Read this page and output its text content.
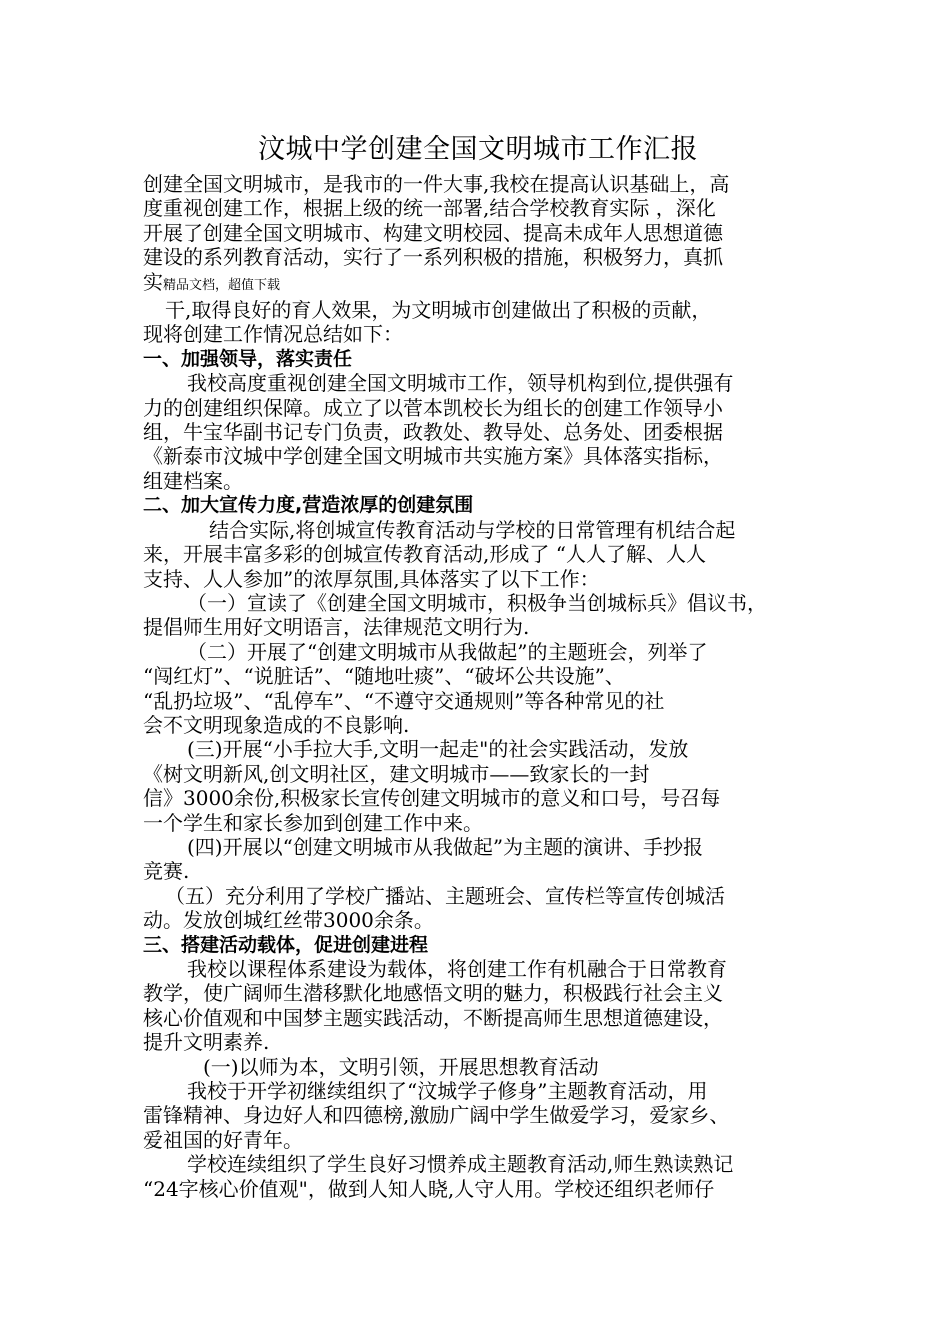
汶城中学创建全国文明城市工作汇报
创建全国文明城市，是我市的一件大事,我校在提高认识基础上，高
度重视创建工作，根据上级的统一部署,结合学校教育实际 ，深化
开展了创建全国文明城市、构建文明校园、提高未成年人思想道德
建设的系列教育活动，实行了一系列积极的措施，积极努力，真抓
实精品文档，超值下载
干,取得良好的育人效果，为文明城市创建做出了积极的贡献，
现将创建工作情况总结如下：
一、加强领导，落实责任
我校高度重视创建全国文明城市工作，领导机构到位,提供强有
力的创建组织保障。成立了以菅本凯校长为组长的创建工作领导小
组，牛宝华副书记专门负责，政教处、教导处、总务处、团委根据
《新泰市汶城中学创建全国文明城市共实施方案》具体落实指标，
组建档案。
二、加大宣传力度,营造浓厚的创建氛围
结合实际,将创城宣传教育活动与学校的日常管理有机结合起
来，开展丰富多彩的创城宣传教育活动,形成了 “人人了解、人人
支持、人人参加”的浓厚氛围,具体落实了以下工作：
（一）宣读了《创建全国文明城市，积极争当创城标兵》倡议书，
提倡师生用好文明语言，法律规范文明行为.
（二）开展了“创建文明城市从我做起”的主题班会，列举了
“闯红灯”、“说脏话”、“随地吐痰”、“破坏公共设施”、
“乱扔垃圾”、“乱停车”、“不遵守交通规则”等各种常见的社
会不文明现象造成的不良影响.
(三)开展“小手拉大手,文明一起走"的社会实践活动，发放
《树文明新风,创文明社区，建文明城市——致家长的一封
信》3000余份,积极家长宣传创建文明城市的意义和口号，号召每
一个学生和家长参加到创建工作中来。
(四)开展以“创建文明城市从我做起”为主题的演讲、手抄报
竞赛.
（五）充分利用了学校广播站、主题班会、宣传栏等宣传创城活
动。发放创城红丝带3000余条。
三、搭建活动载体，促进创建进程
我校以课程体系建设为载体，将创建工作有机融合于日常教育
教学，使广阔师生潜移默化地感悟文明的魅力，积极践行社会主义
核心价值观和中国梦主题实践活动，不断提高师生思想道德建设，
提升文明素养.
(一)以师为本，文明引领，开展思想教育活动
我校于开学初继续组织了“汶城学子修身”主题教育活动，用
雷锋精神、身边好人和四德榜,激励广阔中学生做爱学习，爱家乡、
爱祖国的好青年。
学校连续组织了学生良好习惯养成主题教育活动,师生熟读熟记
“24字核心价值观"，做到人知人晓,人守人用。学校还组织老师仔
